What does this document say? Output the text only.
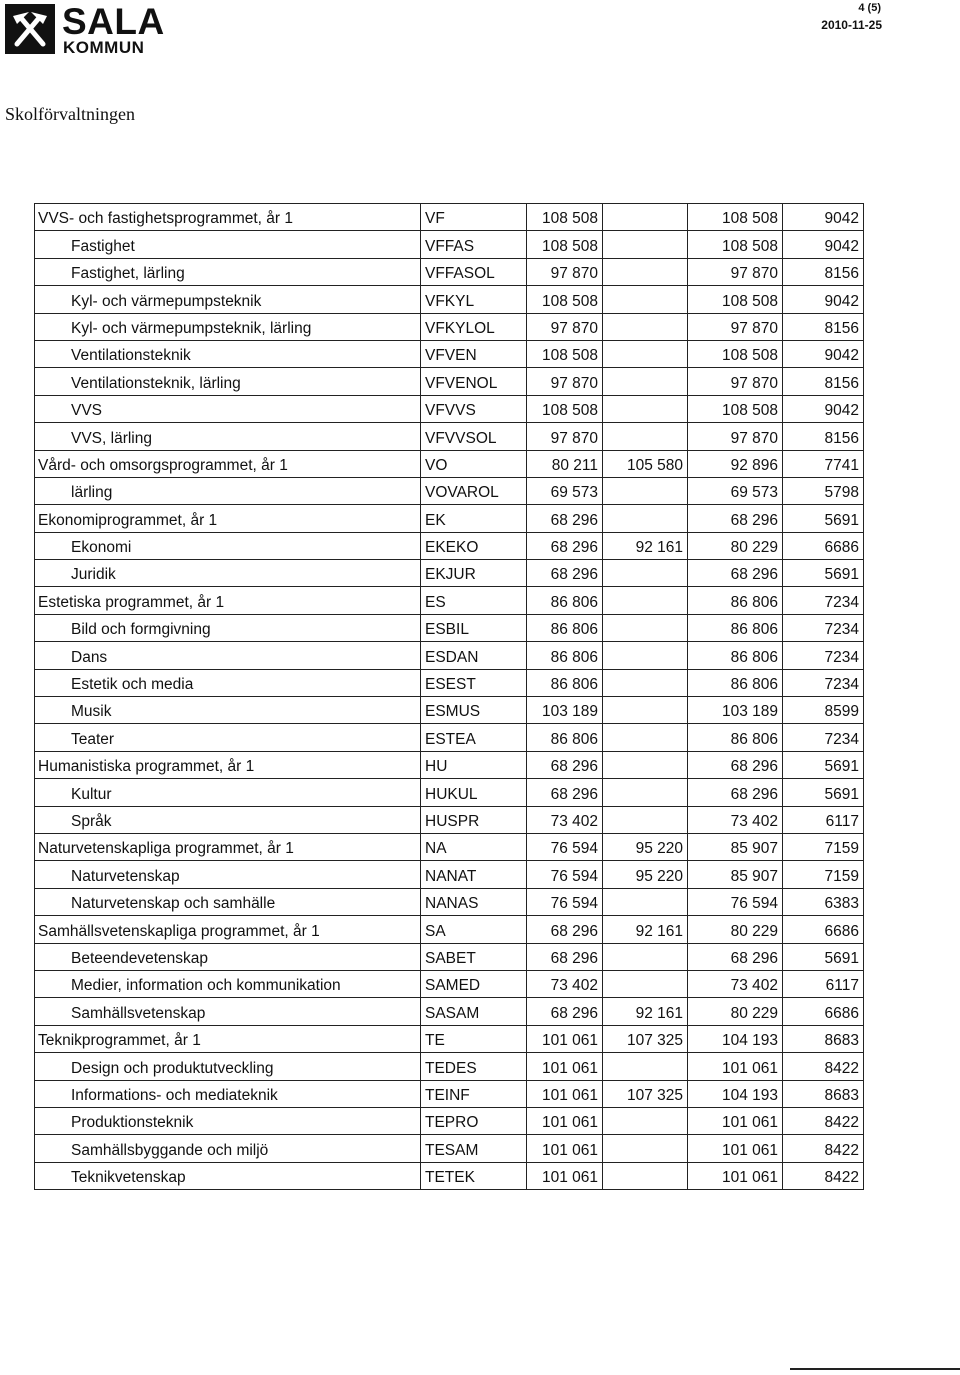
SALA
KOMMUN
4 (5)
2010-11-25
Skolförvaltningen
VVS- och fastighetsprogrammet, år 1	VF	108 508		108 508	9042
Fastighet	VFFAS	108 508		108 508	9042
Fastighet, lärling	VFFASOL	97 870		97 870	8156
Kyl- och värmepumpsteknik	VFKYL	108 508		108 508	9042
Kyl- och värmepumpsteknik, lärling	VFKYLOL	97 870		97 870	8156
Ventilationsteknik	VFVEN	108 508		108 508	9042
Ventilationsteknik, lärling	VFVENOL	97 870		97 870	8156
VVS	VFVVS	108 508		108 508	9042
VVS, lärling	VFVVSOL	97 870		97 870	8156
Vård- och omsorgsprogrammet, år 1	VO	80 211	105 580	92 896	7741
lärling	VOVAROL	69 573		69 573	5798
Ekonomiprogrammet, år 1	EK	68 296		68 296	5691
Ekonomi	EKEKO	68 296	92 161	80 229	6686
Juridik	EKJUR	68 296		68 296	5691
Estetiska programmet, år 1	ES	86 806		86 806	7234
Bild och formgivning	ESBIL	86 806		86 806	7234
Dans	ESDAN	86 806		86 806	7234
Estetik och media	ESEST	86 806		86 806	7234
Musik	ESMUS	103 189		103 189	8599
Teater	ESTEA	86 806		86 806	7234
Humanistiska programmet, år 1	HU	68 296		68 296	5691
Kultur	HUKUL	68 296		68 296	5691
Språk	HUSPR	73 402		73 402	6117
Naturvetenskapliga programmet, år 1	NA	76 594	95 220	85 907	7159
Naturvetenskap	NANAT	76 594	95 220	85 907	7159
Naturvetenskap och samhälle	NANAS	76 594		76 594	6383
Samhällsvetenskapliga programmet, år 1	SA	68 296	92 161	80 229	6686
Beteendevetenskap	SABET	68 296		68 296	5691
Medier, information och kommunikation	SAMED	73 402		73 402	6117
Samhällsvetenskap	SASAM	68 296	92 161	80 229	6686
Teknikprogrammet, år 1	TE	101 061	107 325	104 193	8683
Design och produktutveckling	TEDES	101 061		101 061	8422
Informations- och mediateknik	TEINF	101 061	107 325	104 193	8683
Produktionsteknik	TEPRO	101 061		101 061	8422
Samhällsbyggande och miljö	TESAM	101 061		101 061	8422
Teknikvetenskap	TETEK	101 061		101 061	8422
